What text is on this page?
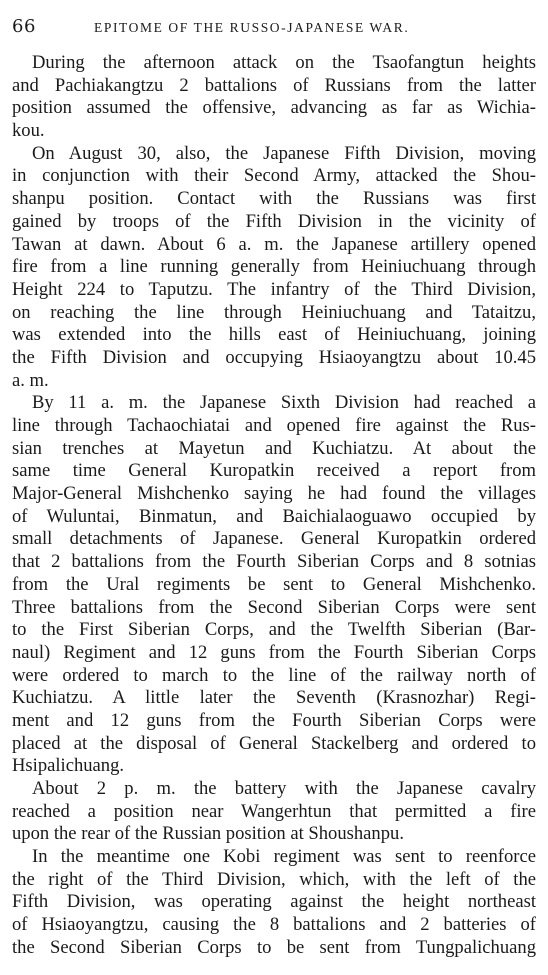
66	EPITOME OF THE RUSSO-JAPANESE WAR.
During the afternoon attack on the Tsaofangtun heights
and Pachiakangtzu 2 battalions of Russians from the latter
position assumed the offensive, advancing as far as Wichia-
kou.
On August 30, also, the Japanese Fifth Division, moving
in conjunction with their Second Army, attacked the Shou-
shanpu position. Contact with the Russians was first
gained by troops of the Fifth Division in the vicinity of
Tawan at dawn. About 6 a. m. the Japanese artillery opened
fire from a line running generally from Heiniuchuang through
Height 224 to Taputzu. The infantry of the Third Division,
on reaching the line through Heiniuchuang and Tataitzu,
was extended into the hills east of Heiniuchuang, joining
the Fifth Division and occupying Hsiaoyangtzu about 10.45
a. m.
By 11 a. m. the Japanese Sixth Division had reached a
line through Tachaochiatai and opened fire against the Rus-
sian trenches at Mayetun and Kuchiatzu. At about the
same time General Kuropatkin received a report from
Major-General Mishchenko saying he had found the villages
of Wuluntai, Binmatun, and Baichialaoguawo occupied by
small detachments of Japanese. General Kuropatkin ordered
that 2 battalions from the Fourth Siberian Corps and 8 sotnias
from the Ural regiments be sent to General Mishchenko.
Three battalions from the Second Siberian Corps were sent
to the First Siberian Corps, and the Twelfth Siberian (Bar-
naul) Regiment and 12 guns from the Fourth Siberian Corps
were ordered to march to the line of the railway north of
Kuchiatzu. A little later the Seventh (Krasnozhar) Regi-
ment and 12 guns from the Fourth Siberian Corps were
placed at the disposal of General Stackelberg and ordered to
Hsipalichuang.
About 2 p. m. the battery with the Japanese cavalry
reached a position near Wangerhtun that permitted a fire
upon the rear of the Russian position at Shoushanpu.
In the meantime one Kobi regiment was sent to reenforce
the right of the Third Division, which, with the left of the
Fifth Division, was operating against the height northeast
of Hsiaoyangtzu, causing the 8 battalions and 2 batteries of
the Second Siberian Corps to be sent from Tungpalichuang
